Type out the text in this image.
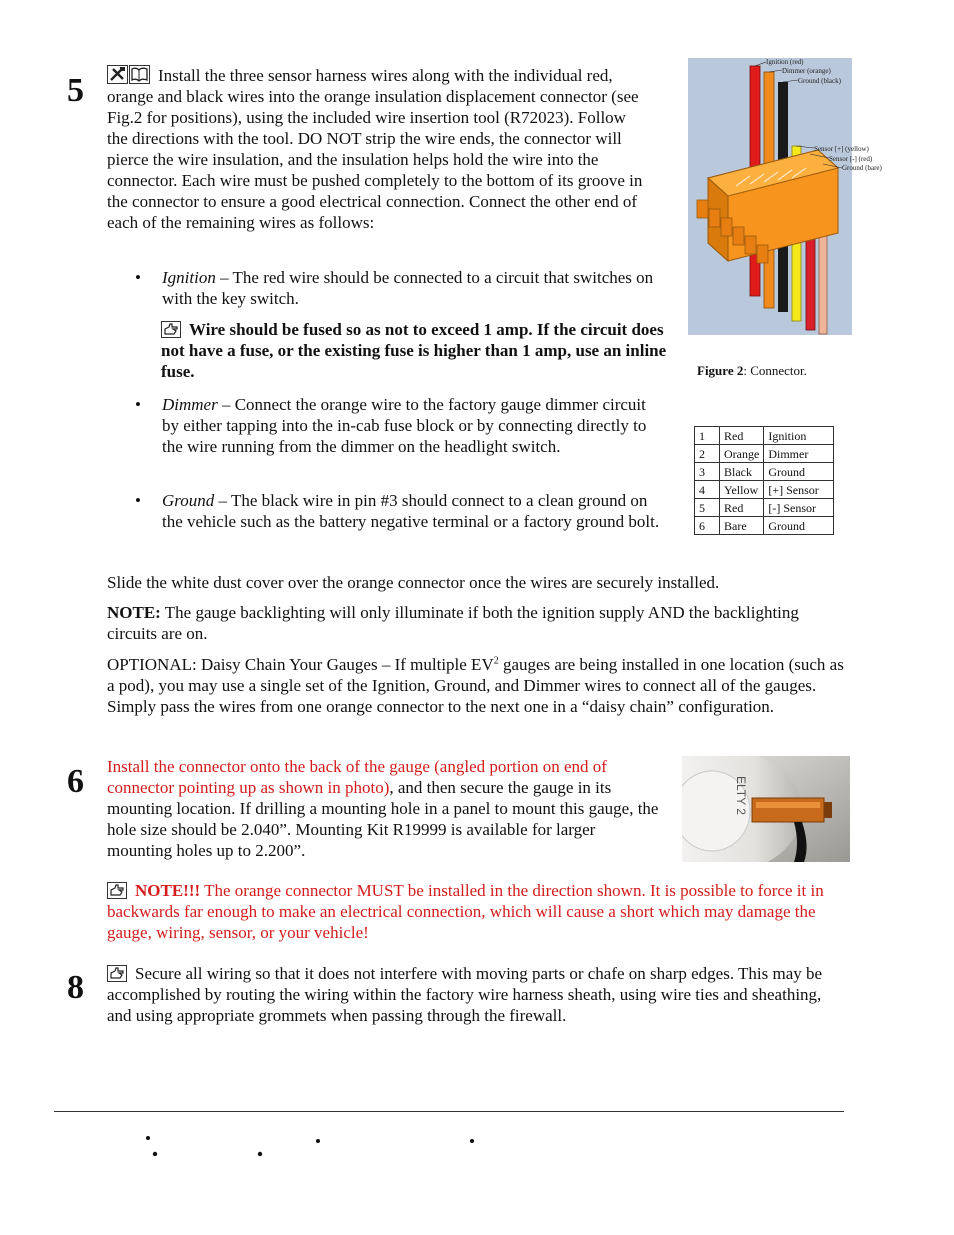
5	Install the three sensor harness wires along with the individual red, orange and black wires into the orange insulation displacement connector (see Fig.2 for positions), using the included wire insertion tool (R72023). Follow the directions with the tool. DO NOT strip the wire ends, the connector will pierce the wire insulation, and the insulation helps hold the wire into the connector. Each wire must be pushed completely to the bottom of its groove in the connector to ensure a good electrical connection. Connect the other end of each of the remaining wires as follows:
• Ignition – The red wire should be connected to a circuit that switches on with the key switch.
Wire should be fused so as not to exceed 1 amp. If the circuit does not have a fuse, or the existing fuse is higher than 1 amp, use an inline fuse.
• Dimmer – Connect the orange wire to the factory gauge dimmer circuit by either tapping into the in-cab fuse block or by connecting directly to the wire running from the dimmer on the headlight switch.
• Ground – The black wire in pin #3 should connect to a clean ground on the vehicle such as the battery negative terminal or a factory ground bolt.
Slide the white dust cover over the orange connector once the wires are securely installed.
NOTE: The gauge backlighting will only illuminate if both the ignition supply AND the backlighting circuits are on.
OPTIONAL: Daisy Chain Your Gauges – If multiple $EV^2$ gauges are being installed in one location (such as a pod), you may use a single set of the Ignition, Ground, and Dimmer wires to connect all of the gauges. Simply pass the wires from one orange connector to the next one in a “daisy chain” configuration.
Ignition (red)
Dimmer (orange)
Ground (black)
Sensor [+] (yellow)
Sensor [-] (red)
Ground (bare)
Figure 2: Connector.
1	Red	Ignition
2	Orange	Dimmer
3	Black	Ground
4	Yellow	[+] Sensor
5	Red	[-] Sensor
6	Bare	Ground
6 Install the connector onto the back of the gauge (angled portion on end of connector pointing up as shown in photo), and then secure the gauge in its mounting location. If drilling a mounting hole in a panel to mount this gauge, the hole size should be 2.040”. Mounting Kit R19999 is available for larger mounting holes up to 2.200”.
ELTY 2
NOTE!!! The orange connector MUST be installed in the direction shown. It is possible to force it in backwards far enough to make an electrical connection, which will cause a short which may damage the gauge, wiring, sensor, or your vehicle!
8	Secure all wiring so that it does not interfere with moving parts or chafe on sharp edges. This may be accomplished by routing the wiring within the factory wire harness sheath, using wire ties and sheathing, and using appropriate grommets when passing through the firewall.
